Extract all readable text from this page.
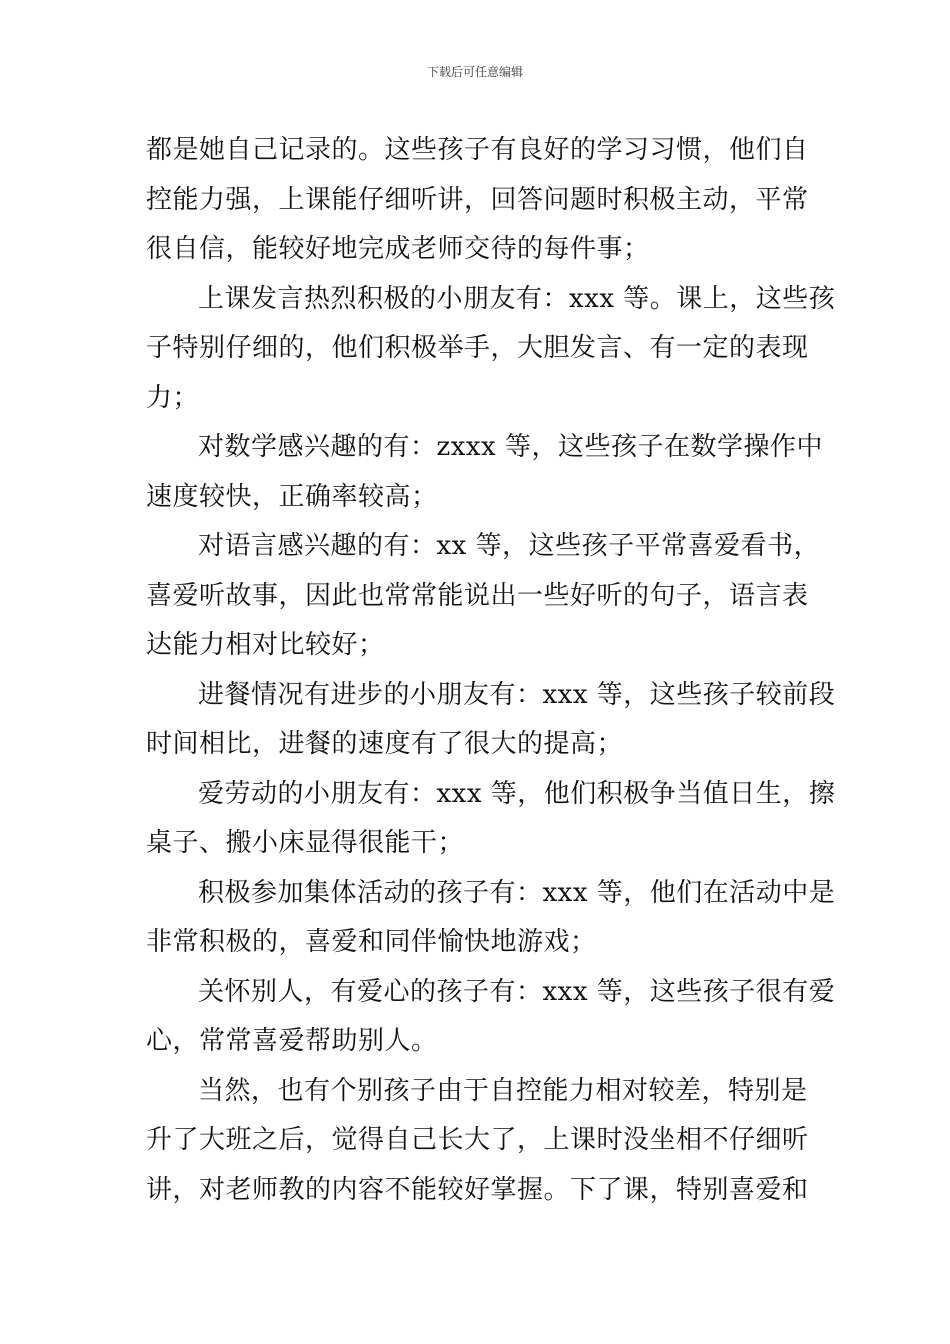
下载后可任意编辑
都是她自己记录的。这些孩子有良好的学习习惯，他们自
控能力强，上课能仔细听讲，回答问题时积极主动，平常
很自信，能较好地完成老师交待的每件事；
上课发言热烈积极的小朋友有：xxx 等。课上，这些孩
子特别仔细的，他们积极举手，大胆发言、有一定的表现
力；
对数学感兴趣的有：zxxx 等，这些孩子在数学操作中
速度较快，正确率较高；
对语言感兴趣的有：xx 等，这些孩子平常喜爱看书，
喜爱听故事，因此也常常能说出一些好听的句子，语言表
达能力相对比较好；
进餐情况有进步的小朋友有：xxx 等，这些孩子较前段
时间相比，进餐的速度有了很大的提高；
爱劳动的小朋友有：xxx 等，他们积极争当值日生，擦
桌子、搬小床显得很能干；
积极参加集体活动的孩子有：xxx 等，他们在活动中是
非常积极的，喜爱和同伴愉快地游戏；
关怀别人，有爱心的孩子有：xxx 等，这些孩子很有爱
心，常常喜爱帮助别人。
当然，也有个别孩子由于自控能力相对较差，特别是
升了大班之后，觉得自己长大了，上课时没坐相不仔细听
讲，对老师教的内容不能较好掌握。下了课，特别喜爱和
